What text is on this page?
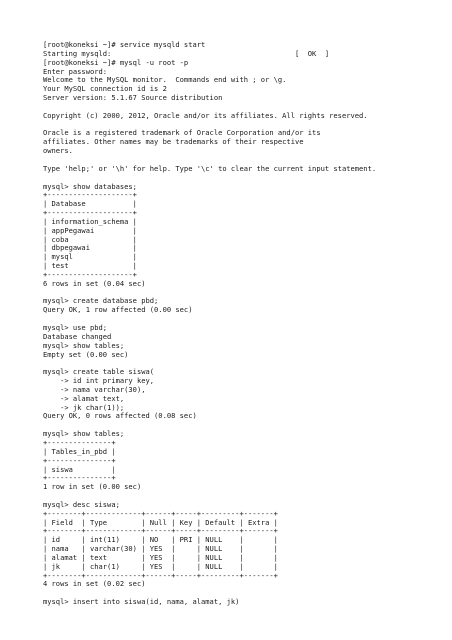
[root@koneksi ~]# service mysqld start
Starting mysqld:                                           [  OK  ]
[root@koneksi ~]# mysql -u root -p
Enter password:
Welcome to the MySQL monitor.  Commands end with ; or \g.
Your MySQL connection id is 2
Server version: 5.1.67 Source distribution
Copyright (c) 2000, 2012, Oracle and/or its affiliates. All rights reserved.
Oracle is a registered trademark of Oracle Corporation and/or its
affiliates. Other names may be trademarks of their respective
owners.
Type 'help;' or '\h' for help. Type '\c' to clear the current input statement.
mysql> show databases;
+--------------------+
| Database           |
+--------------------+
| information_schema |
| appPegawai         |
| coba               |
| dbpegawai          |
| mysql              |
| test               |
+--------------------+
6 rows in set (0.04 sec)
mysql> create database pbd;
Query OK, 1 row affected (0.00 sec)
mysql> use pbd;
Database changed
mysql> show tables;
Empty set (0.00 sec)
mysql> create table siswa(
-> id int primary key,
-> nama varchar(30),
-> alamat text,
-> jk char(1));
Query OK, 0 rows affected (0.08 sec)
mysql> show tables;
+---------------+
| Tables_in_pbd |
+---------------+
| siswa         |
+---------------+
1 row in set (0.00 sec)
mysql> desc siswa;
+--------+-------------+------+-----+---------+-------+
| Field  | Type        | Null | Key | Default | Extra |
+--------+-------------+------+-----+---------+-------+
| id     | int(11)     | NO   | PRI | NULL    |       |
| nama   | varchar(30) | YES  |     | NULL    |       |
| alamat | text        | YES  |     | NULL    |       |
| jk     | char(1)     | YES  |     | NULL    |       |
+--------+-------------+------+-----+---------+-------+
4 rows in set (0.02 sec)
mysql> insert into siswa(id, nama, alamat, jk)
